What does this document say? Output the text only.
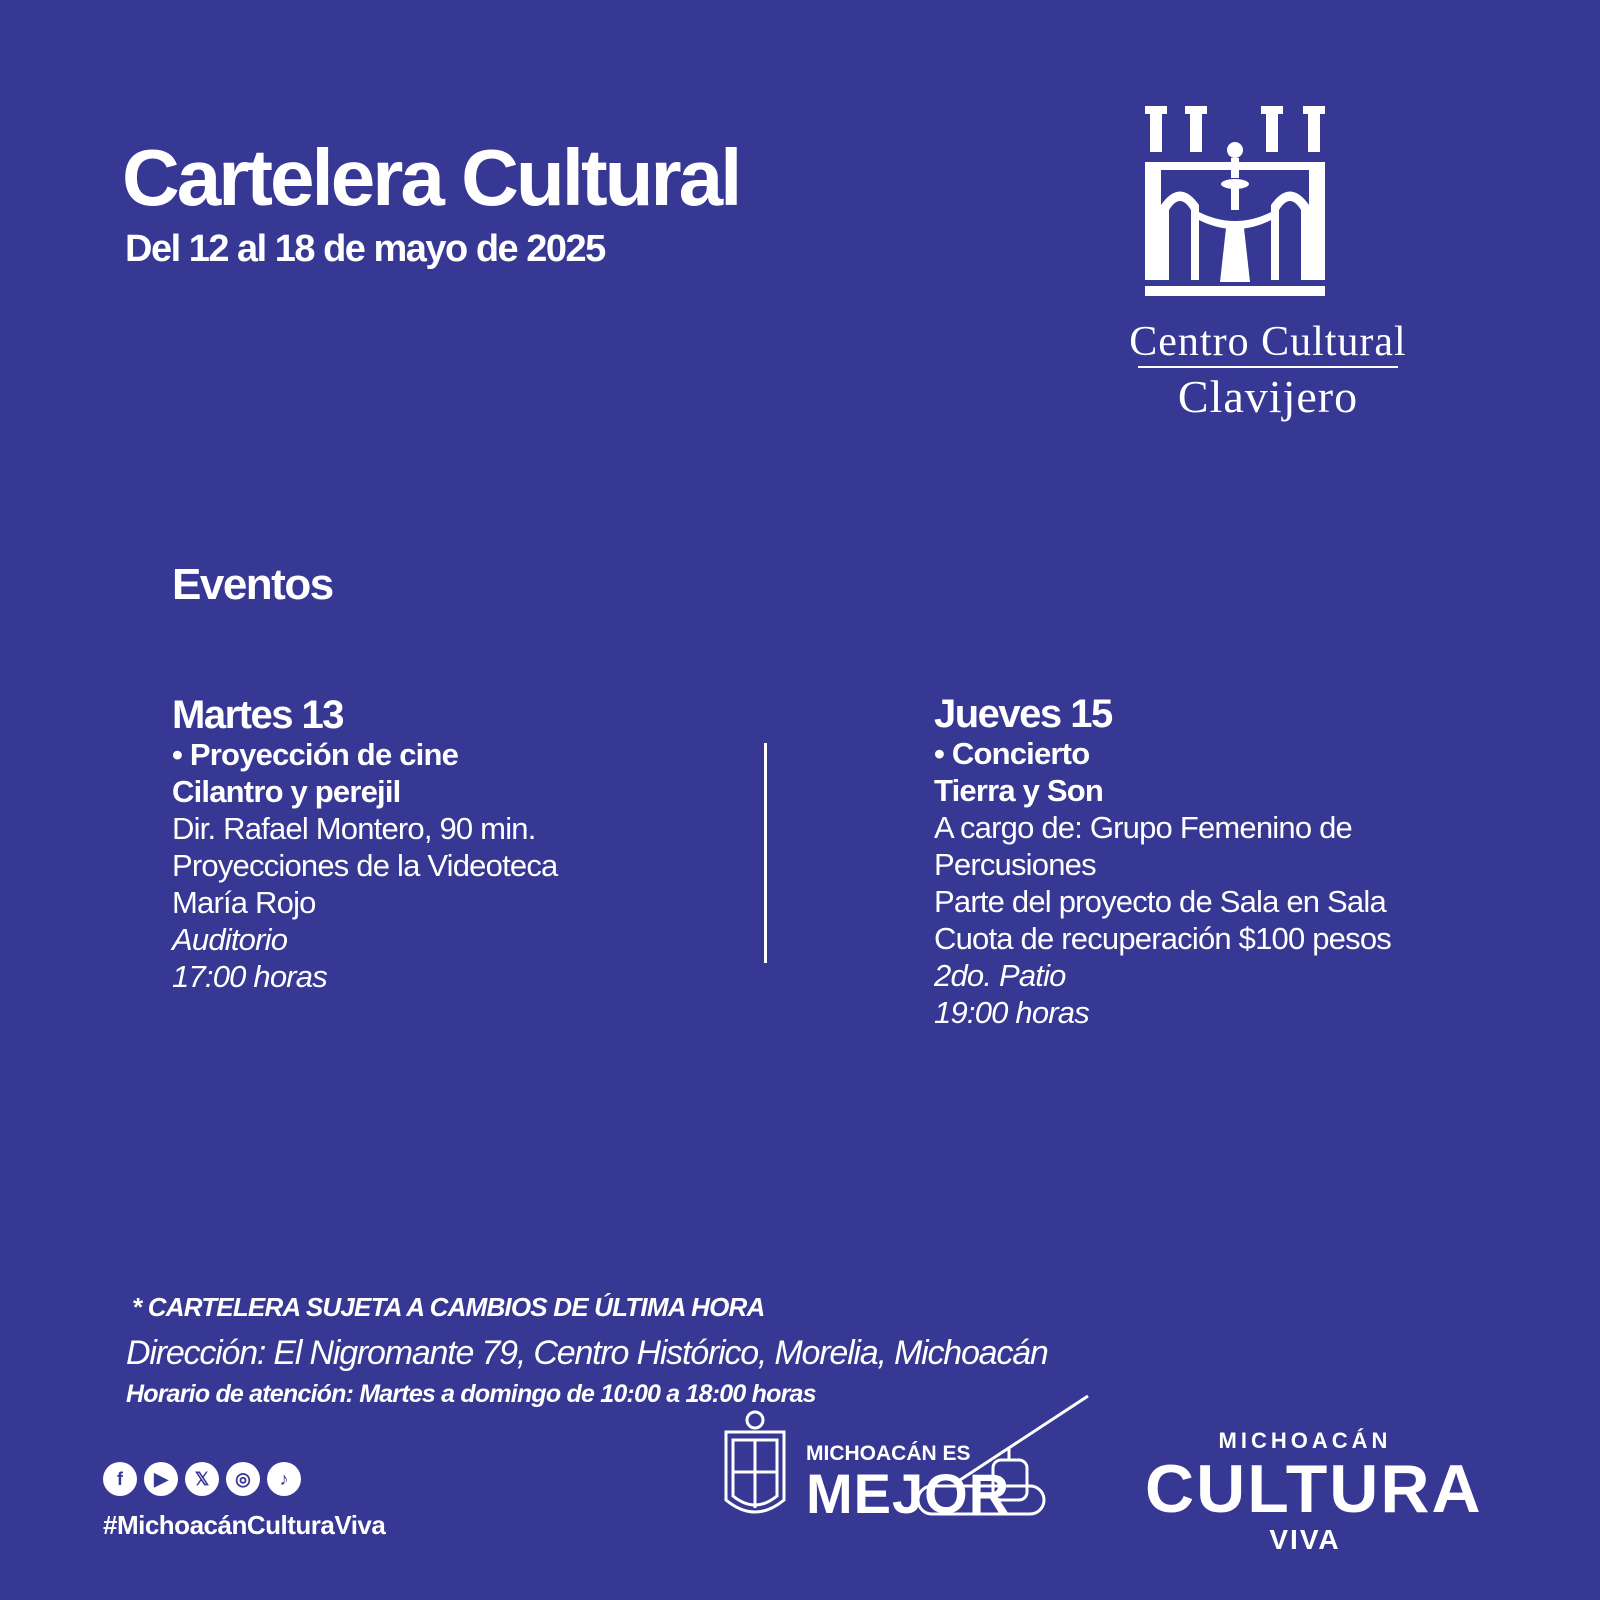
Cartelera Cultural
Del 12 al 18 de mayo de 2025
Centro Cultural
Clavijero
Eventos
Martes 13
• Proyección de cine
Cilantro y perejil
Dir. Rafael Montero, 90 min.
Proyecciones de la Videoteca
María Rojo
Auditorio
17:00 horas
Jueves 15
• Concierto
Tierra y Son
A cargo de: Grupo Femenino de
Percusiones
Parte del proyecto de Sala en Sala
Cuota de recuperación $100 pesos
2do. Patio
19:00 horas
* CARTELERA SUJETA A CAMBIOS DE ÚLTIMA HORA
Dirección: El Nigromante 79, Centro Histórico, Morelia, Michoacán
Horario de atención: Martes a domingo de 10:00 a 18:00 horas
f	▶	𝕏	◎	♪
#MichoacánCulturaViva
MICHOACÁN ES
MEJOR
MICHOACÁN
CULTURA
VIVA
